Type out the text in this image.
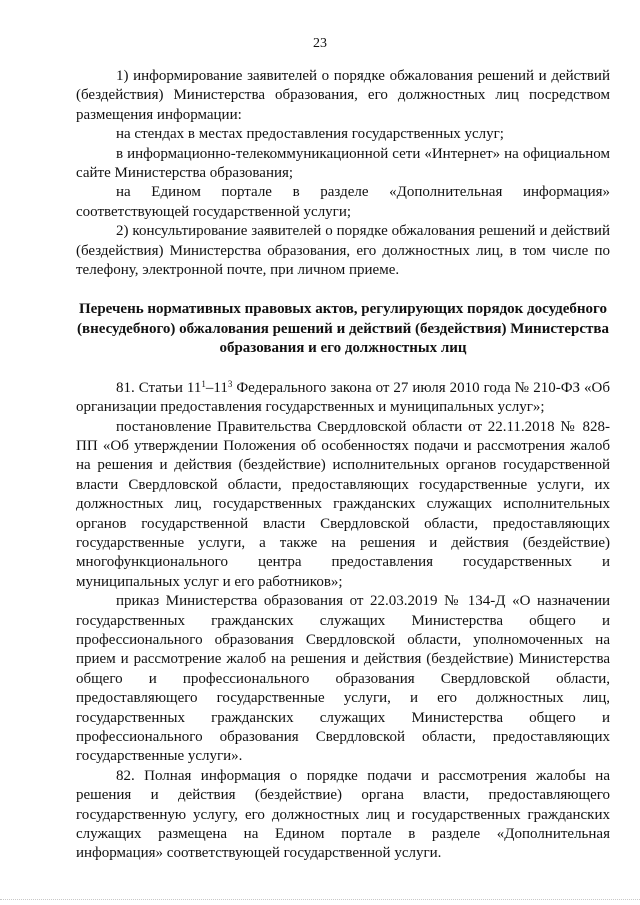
23

1) информирование заявителей о порядке обжалования решений и действий (бездействия) Министерства образования, его должностных лиц посредством размещения информации:

на стендах в местах предоставления государственных услуг;

в информационно-телекоммуникационной сети «Интернет» на официальном сайте Министерства образования;

на Едином портале в разделе «Дополнительная информация» соответствующей государственной услуги;

2) консультирование заявителей о порядке обжалования решений и действий (бездействия) Министерства образования, его должностных лиц, в том числе по телефону, электронной почте, при личном приеме.

Перечень нормативных правовых актов, регулирующих порядок досудебного (внесудебного) обжалования решений и действий (бездействия) Министерства образования и его должностных лиц

81. Статьи $11^1-11^3$ Федерального закона от 27 июля 2010 года № 210-ФЗ «Об организации предоставления государственных и муниципальных услуг»;

постановление Правительства Свердловской области от 22.11.2018 № 828-ПП «Об утверждении Положения об особенностях подачи и рассмотрения жалоб на решения и действия (бездействие) исполнительных органов государственной власти Свердловской области, предоставляющих государственные услуги, их должностных лиц, государственных гражданских служащих исполнительных органов государственной власти Свердловской области, предоставляющих государственные услуги, а также на решения и действия (бездействие) многофункционального центра предоставления государственных и муниципальных услуг и его работников»;

приказ Министерства образования от 22.03.2019 № 134-Д «О назначении государственных гражданских служащих Министерства общего и профессионального образования Свердловской области, уполномоченных на прием и рассмотрение жалоб на решения и действия (бездействие) Министерства общего и профессионального образования Свердловской области, предоставляющего государственные услуги, и его должностных лиц, государственных гражданских служащих Министерства общего и профессионального образования Свердловской области, предоставляющих государственные услуги».

82. Полная информация о порядке подачи и рассмотрения жалобы на решения и действия (бездействие) органа власти, предоставляющего государственную услугу, его должностных лиц и государственных гражданских служащих размещена на Едином портале в разделе «Дополнительная информация» соответствующей государственной услуги.
